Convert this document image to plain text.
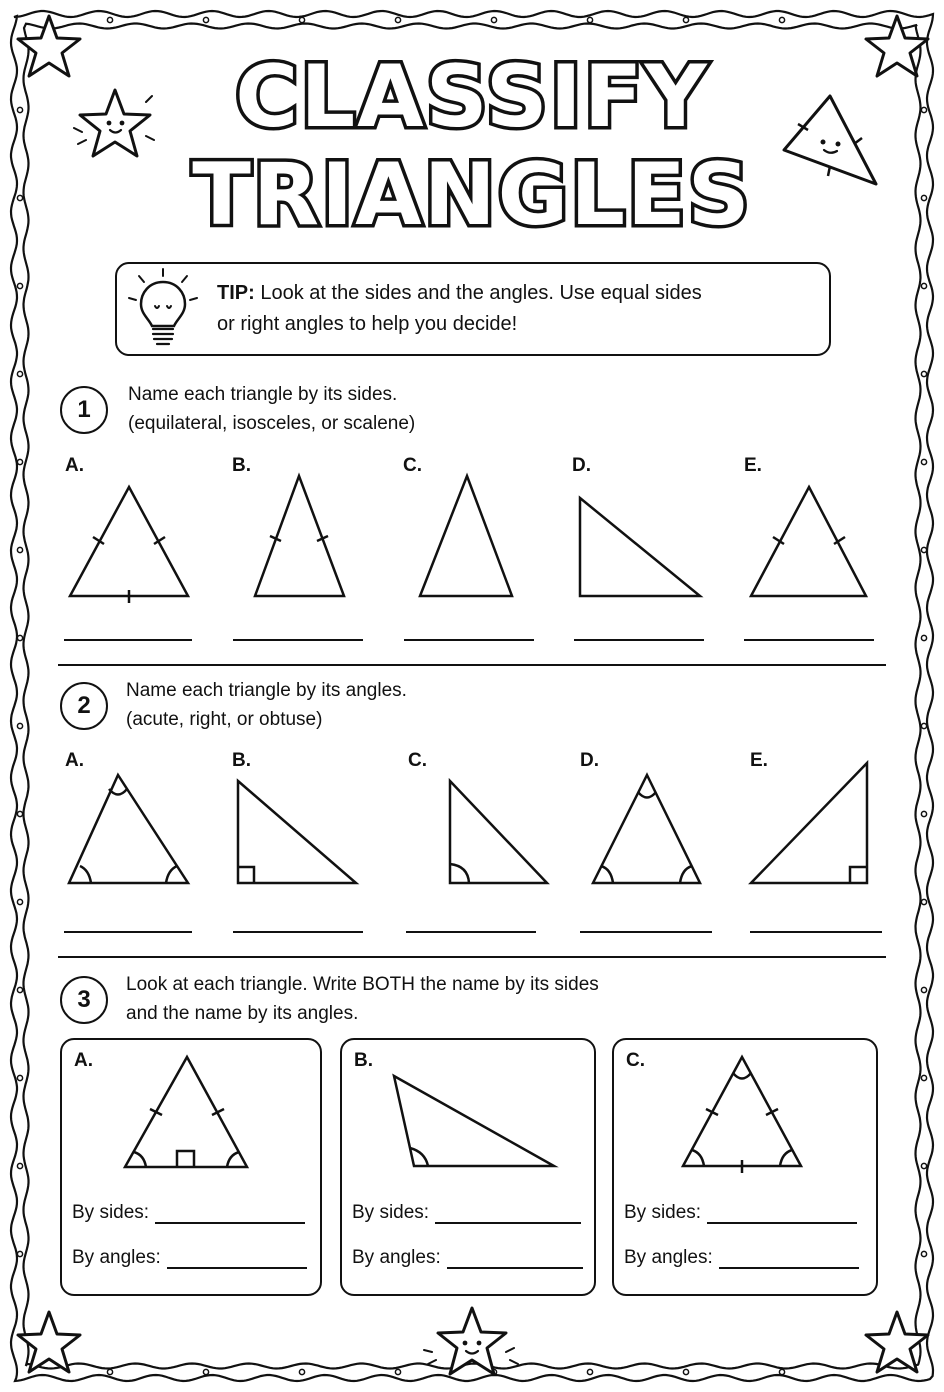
CLASSIFY
TRIANGLES
TIP: Look at the sides and the angles. Use equal sides
or right angles to help you decide!
1
Name each triangle by its sides.
(equilateral, isosceles, or scalene)
A.	B.	C.	D.	E.
2
Name each triangle by its angles.
(acute, right, or obtuse)
A.	B.	C.	D.	E.
3
Look at each triangle. Write BOTH the name by its sides
and the name by its angles.
A.
By sides:
By angles:
B.
By sides:
By angles:
C.
By sides:
By angles:
